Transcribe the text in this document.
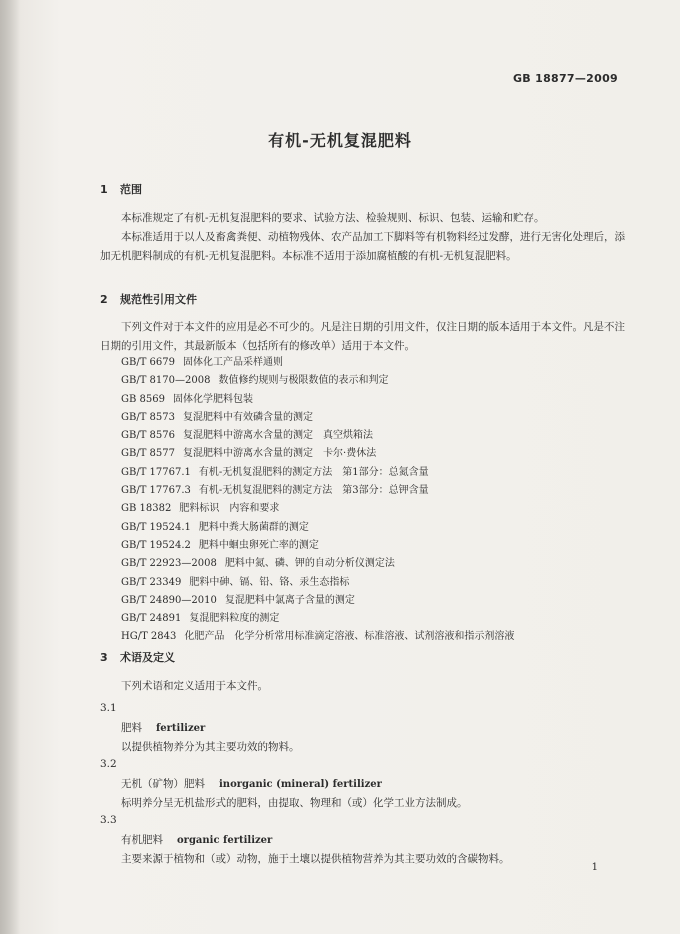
GB 18877—2009
有机-无机复混肥料
1 范围

本标准规定了有机-无机复混肥料的要求、试验方法、检验规则、标识、包装、运输和贮存。

本标准适用于以人及畜禽粪便、动植物残体、农产品加工下脚料等有机物料经过发酵，进行无害化处理后，添加无机肥料制成的有机-无机复混肥料。本标准不适用于添加腐植酸的有机-无机复混肥料。

2 规范性引用文件

下列文件对于本文件的应用是必不可少的。凡是注日期的引用文件，仅注日期的版本适用于本文件。凡是不注日期的引用文件，其最新版本（包括所有的修改单）适用于本文件。

GB/T 6679 固体化工产品采样通则
GB/T 8170—2008 数值修约规则与极限数值的表示和判定
GB 8569 固体化学肥料包装
GB/T 8573 复混肥料中有效磷含量的测定
GB/T 8576 复混肥料中游离水含量的测定　真空烘箱法
GB/T 8577 复混肥料中游离水含量的测定　卡尔·费休法
GB/T 17767.1 有机-无机复混肥料的测定方法　第1部分：总氮含量
GB/T 17767.3 有机-无机复混肥料的测定方法　第3部分：总钾含量
GB 18382 肥料标识　内容和要求
GB/T 19524.1 肥料中粪大肠菌群的测定
GB/T 19524.2 肥料中蛔虫卵死亡率的测定
GB/T 22923—2008 肥料中氮、磷、钾的自动分析仪测定法
GB/T 23349 肥料中砷、镉、铅、铬、汞生态指标
GB/T 24890—2010 复混肥料中氯离子含量的测定
GB/T 24891 复混肥料粒度的测定
HG/T 2843 化肥产品　化学分析常用标准滴定溶液、标准溶液、试剂溶液和指示剂溶液
3 术语及定义

下列术语和定义适用于本文件。

3.1
肥料 fertilizer
以提供植物养分为其主要功效的物料。
3.2
无机（矿物）肥料 inorganic (mineral) fertilizer
标明养分呈无机盐形式的肥料，由提取、物理和（或）化学工业方法制成。
3.3
有机肥料 organic fertilizer
主要来源于植物和（或）动物，施于土壤以提供植物营养为其主要功效的含碳物料。
1
